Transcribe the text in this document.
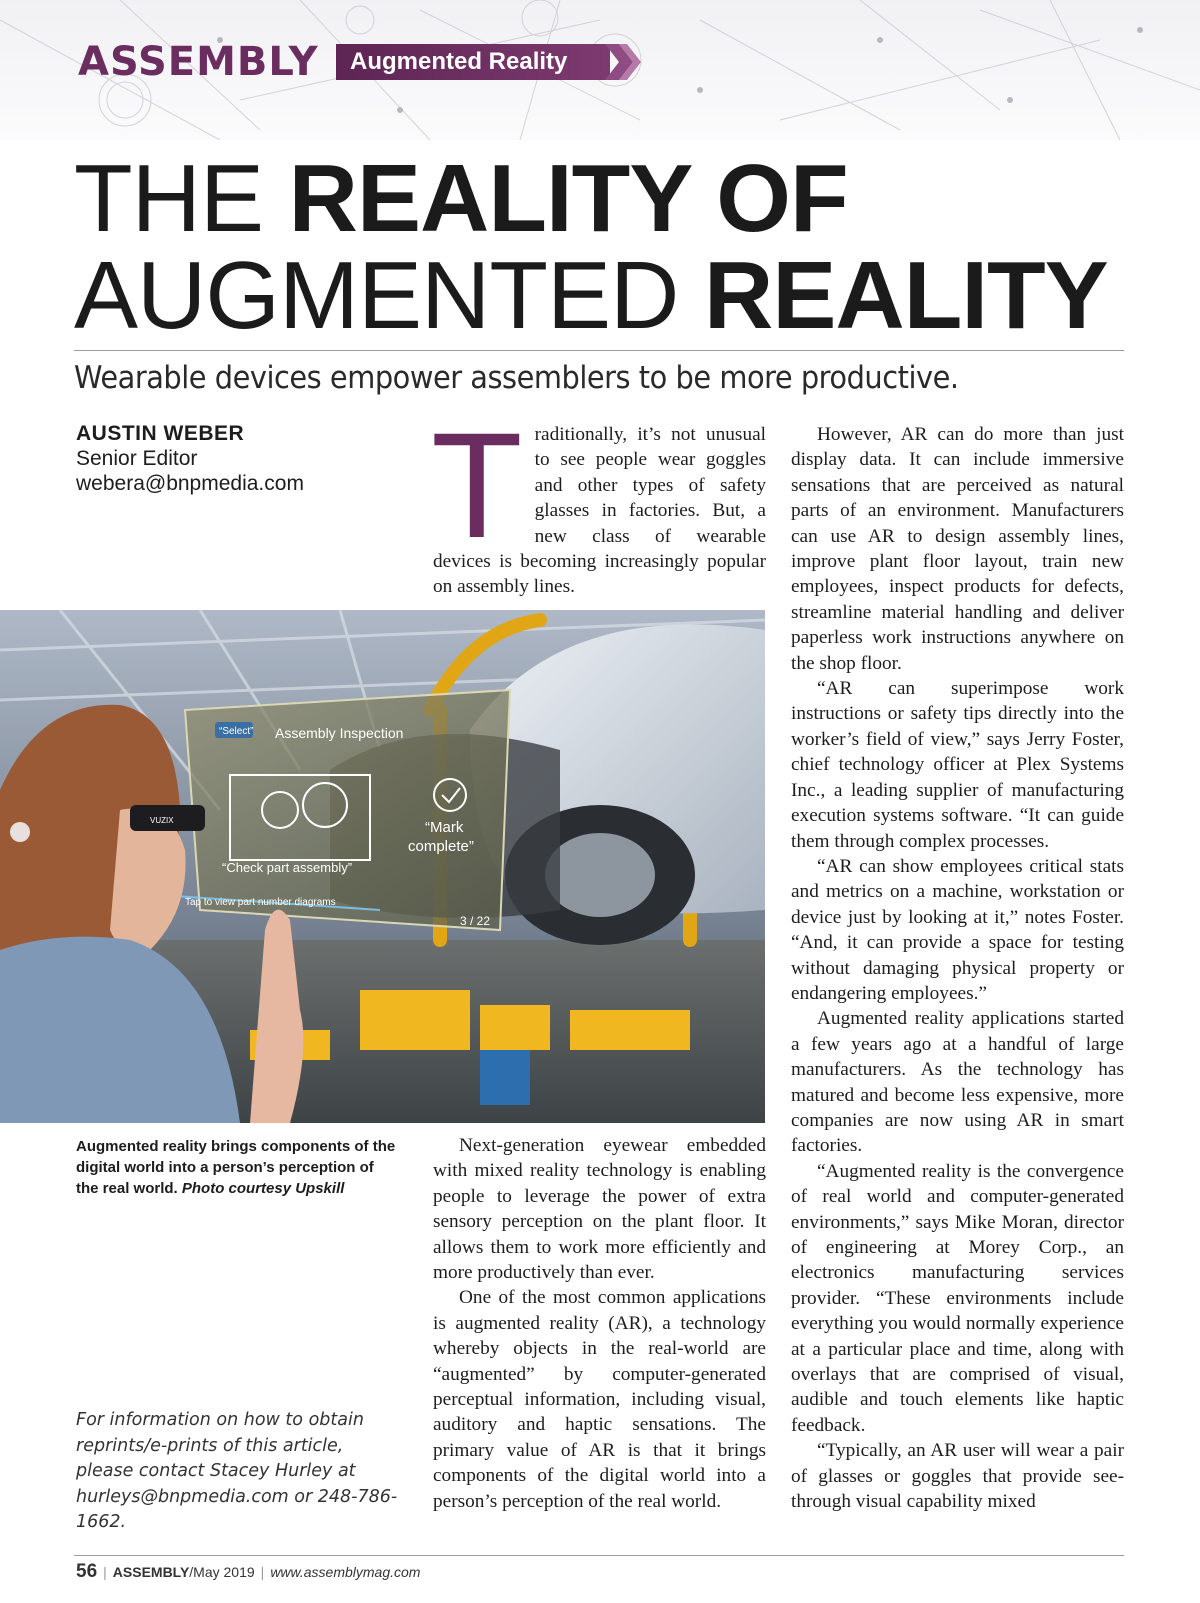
ASSEMBLY	Augmented Reality
THE REALITY OF
AUGMENTED REALITY
Wearable devices empower assemblers to be more productive.
AUSTIN WEBER
Senior Editor
webera@bnpmedia.com Traditionally, it’s not unusual to see people wear goggles and other types of safety glasses in factories. But, a new class of wearable devices is becoming increasingly popular on assembly lines.

“Select” Assembly Inspection
“Check part assembly”
Tap to view part number diagrams
“Mark
complete”
3 / 22
VUZIX
Augmented reality brings components of the digital world into a person’s perception of the real world. Photo courtesy Upskill

Next-generation eyewear embedded with mixed reality technology is enabling people to leverage the power of extra sensory perception on the plant floor. It allows them to work more efficiently and more productively than ever.

One of the most common applications is augmented reality (AR), a technology whereby objects in the real-world are “augmented” by computer-generated perceptual information, including visual, auditory and haptic sensations. The primary value of AR is that it brings components of the digital world into a person’s perception of the real world.

However, AR can do more than just display data. It can include immersive sensations that are perceived as natural parts of an environment. Manufacturers can use AR to design assembly lines, improve plant floor layout, train new employees, inspect products for defects, streamline material handling and deliver paperless work instructions anywhere on the shop floor.

“AR can superimpose work instructions or safety tips directly into the worker’s field of view,” says Jerry Foster, chief technology officer at Plex Systems Inc., a leading supplier of manufacturing execution systems software. “It can guide them through complex processes.

“AR can show employees critical stats and metrics on a machine, workstation or device just by looking at it,” notes Foster. “And, it can provide a space for testing without damaging physical property or endangering employees.”

Augmented reality applications started a few years ago at a handful of large manufacturers. As the technology has matured and become less expensive, more companies are now using AR in smart factories.

“Augmented reality is the convergence of real world and computer-generated environments,” says Mike Moran, director of engineering at Morey Corp., an electronics manufacturing services provider. “These environments include everything you would normally experience at a particular place and time, along with overlays that are comprised of visual, audible and touch elements like haptic feedback.

“Typically, an AR user will wear a pair of glasses or goggles that provide see-through visual capability mixed

For information on how to obtain reprints/e-prints of this article, please contact Stacey Hurley at hurleys@bnpmedia.com or 248-786-1662.
56 | ASSEMBLY/May 2019 | www.assemblymag.com
